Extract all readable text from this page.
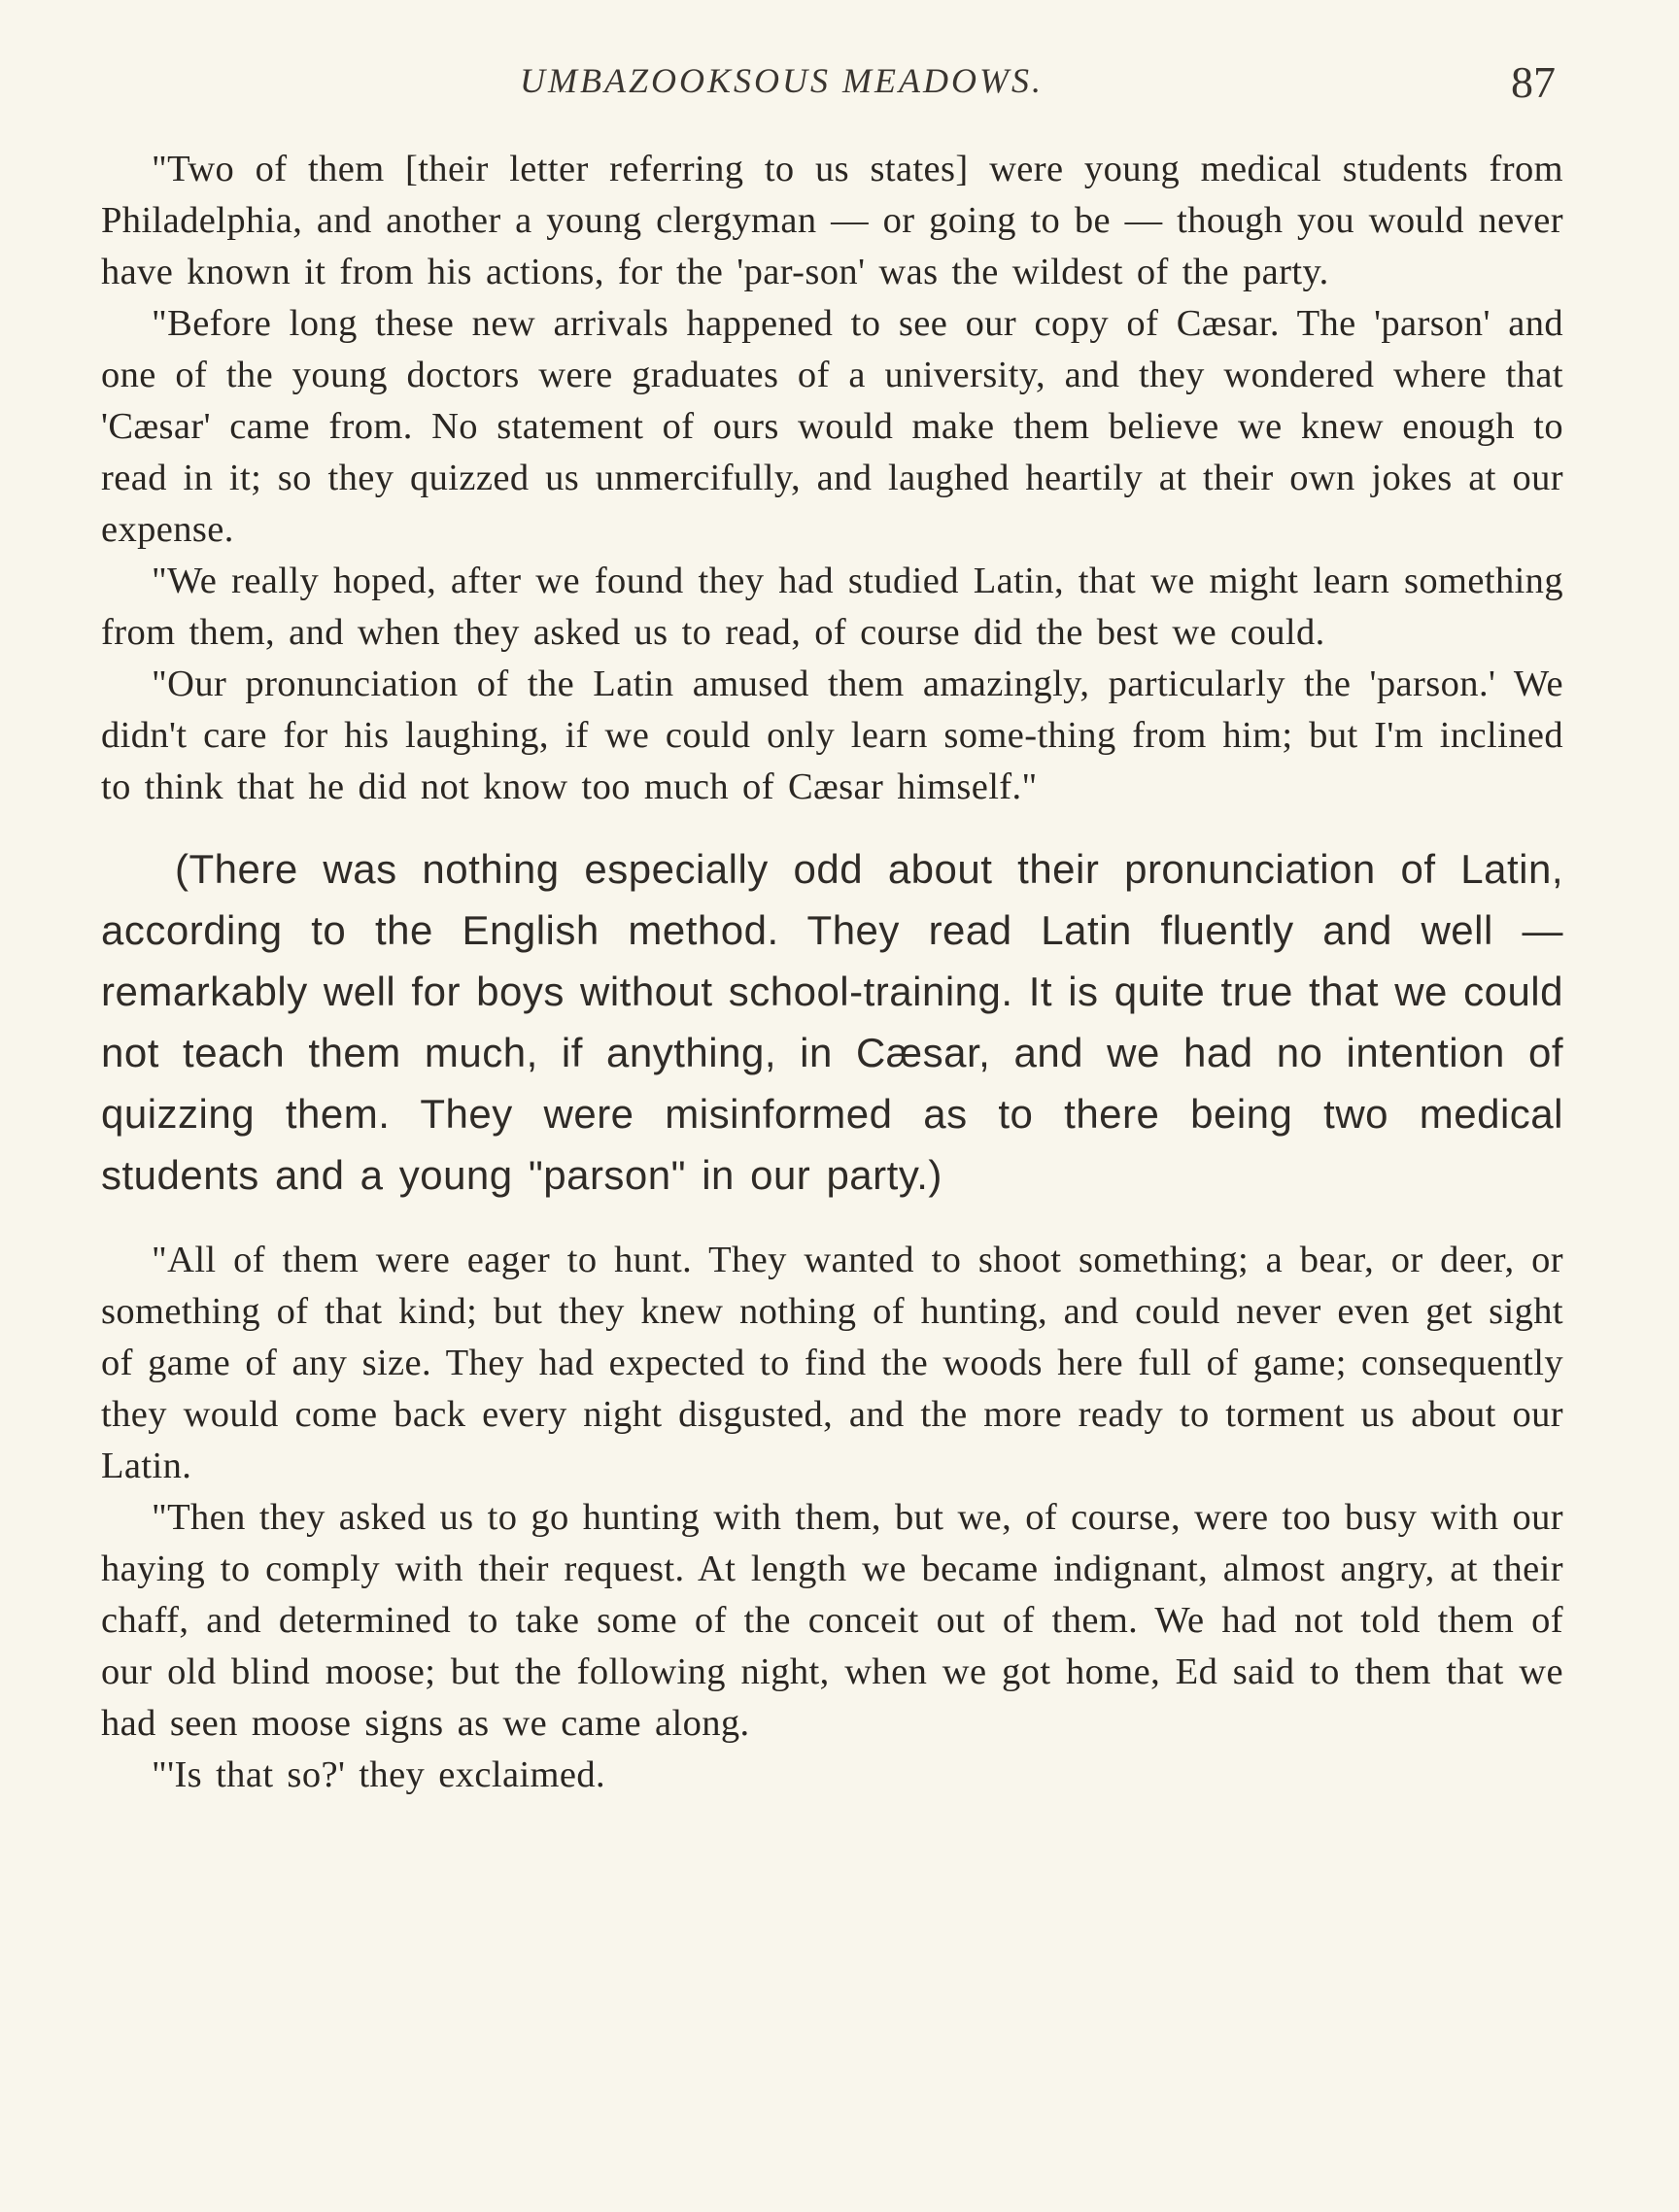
UMBAZOOKSOUS MEADOWS.	87

"Two of them [their letter referring to us states] were young medical students from Philadelphia, and another a young clergyman — or going to be — though you would never have known it from his actions, for the 'par-son' was the wildest of the party.

"Before long these new arrivals happened to see our copy of Cæsar. The 'parson' and one of the young doctors were graduates of a university, and they wondered where that 'Cæsar' came from. No statement of ours would make them believe we knew enough to read in it; so they quizzed us unmercifully, and laughed heartily at their own jokes at our expense.

"We really hoped, after we found they had studied Latin, that we might learn something from them, and when they asked us to read, of course did the best we could.

"Our pronunciation of the Latin amused them amazingly, particularly the 'parson.' We didn't care for his laughing, if we could only learn some-thing from him; but I'm inclined to think that he did not know too much of Cæsar himself."

(There was nothing especially odd about their pronunciation of Latin, according to the English method. They read Latin fluently and well — remarkably well for boys without school-training. It is quite true that we could not teach them much, if anything, in Cæsar, and we had no intention of quizzing them. They were misinformed as to there being two medical students and a young "parson" in our party.)

"All of them were eager to hunt. They wanted to shoot something; a bear, or deer, or something of that kind; but they knew nothing of hunting, and could never even get sight of game of any size. They had expected to find the woods here full of game; consequently they would come back every night disgusted, and the more ready to torment us about our Latin.

"Then they asked us to go hunting with them, but we, of course, were too busy with our haying to comply with their request. At length we became indignant, almost angry, at their chaff, and determined to take some of the conceit out of them. We had not told them of our old blind moose; but the following night, when we got home, Ed said to them that we had seen moose signs as we came along.

"'Is that so?' they exclaimed.
